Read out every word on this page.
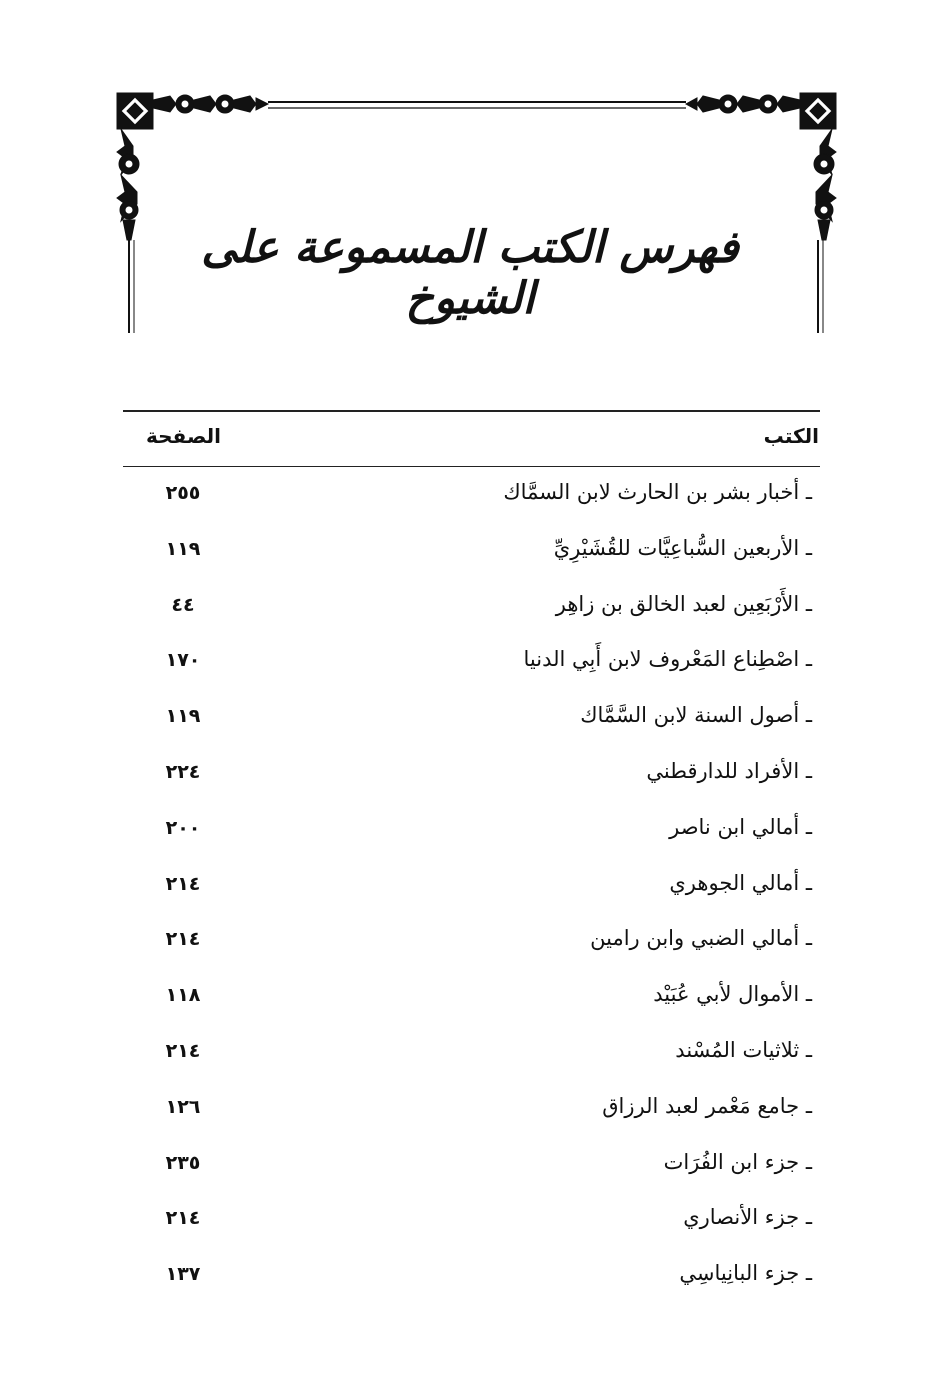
فهرس الكتب المسموعة على الشيوخ
الكتب
الصفحة
ـ أخبار بشر بن الحارث لابن السمَّاك
٢٥٥
ـ الأربعين السُّباعِيَّات للقُشَيْرِيِّ
١١٩
ـ الأَرْبَعِين لعبد الخالق بن زاهِر
٤٤
ـ اصْطِناع المَعْروف لابن أَبِي الدنيا
١٧٠
ـ أصول السنة لابن السَّمَّاك
١١٩
ـ الأفراد للدارقطني
٢٢٤
ـ أمالي ابن ناصر
٢٠٠
ـ أمالي الجوهري
٢١٤
ـ أمالي الضبي وابن رامين
٢١٤
ـ الأموال لأبي عُبَيْد
١١٨
ـ ثلاثيات المُسْند
٢١٤
ـ جامع مَعْمر لعبد الرزاق
١٢٦
ـ جزء ابن الفُرَات
٢٣٥
ـ جزء الأنصاري
٢١٤
ـ جزء البانِياسِي
١٣٧
